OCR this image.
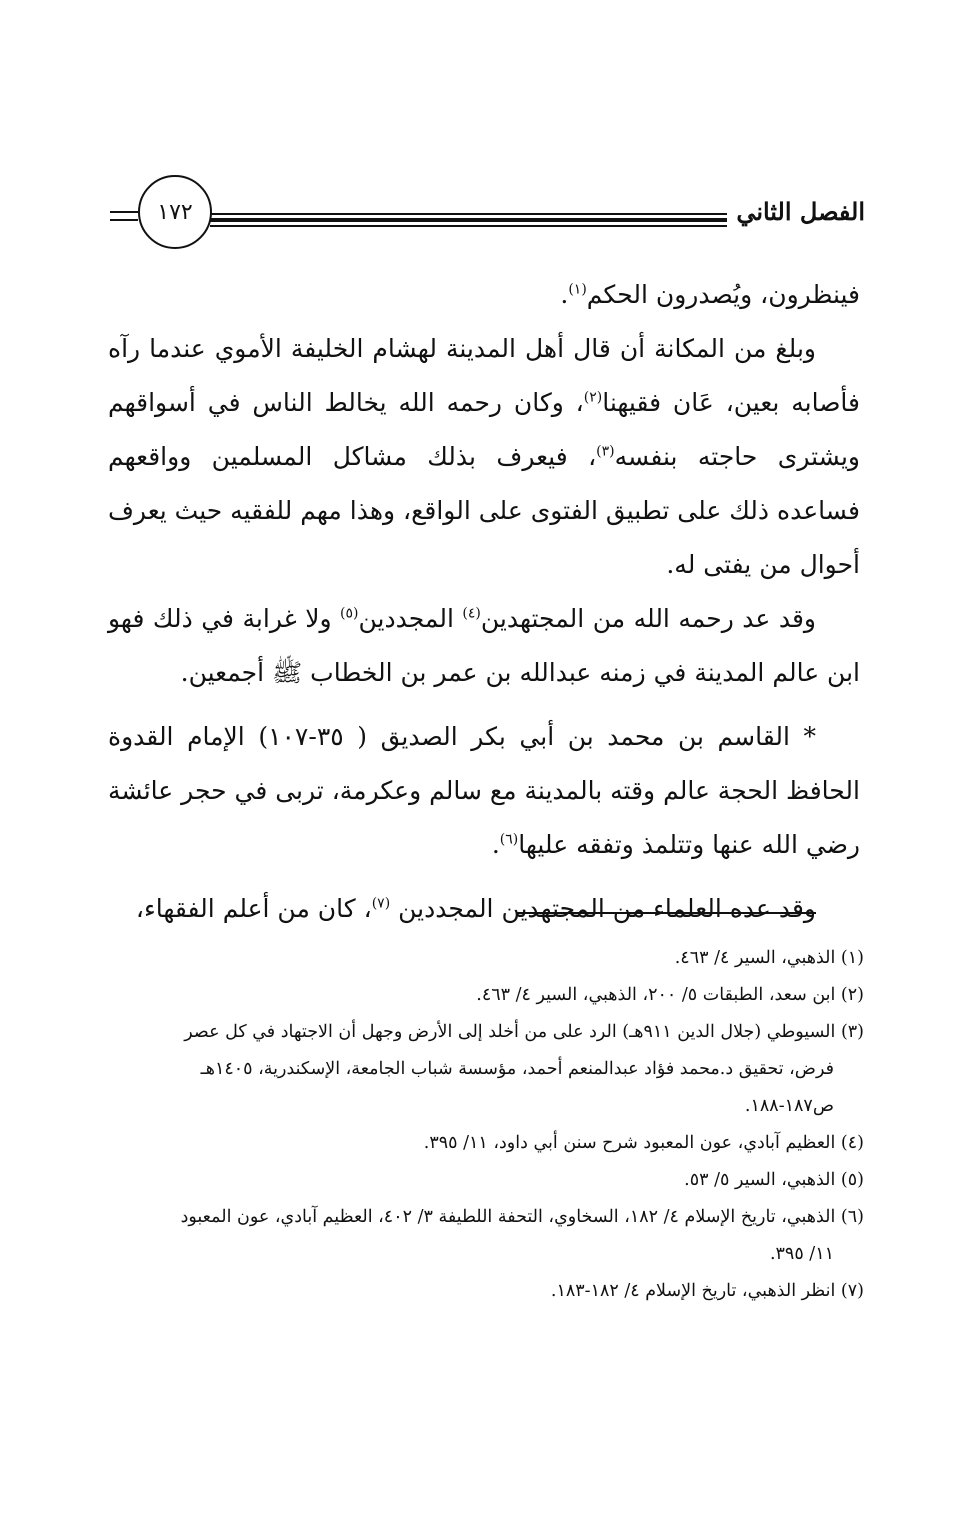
الفصل الثاني
١٧٢

فينظرون، ويُصدرون الحكم$^{(١)}$.

وبلغ من المكانة أن قال أهل المدينة لهشام الخليفة الأموي عندما رآه فأصابه بعين، عَان فقيهنا$^{(٢)}$، وكان رحمه الله يخالط الناس في أسواقهم ويشترى حاجته بنفسه$^{(٣)}$، فيعرف بذلك مشاكل المسلمين وواقعهم فساعده ذلك على تطبيق الفتوى على الواقع، وهذا مهم للفقيه حيث يعرف أحوال من يفتى له.

وقد عد رحمه الله من المجتهدين$^{(٤)}$ المجددين$^{(٥)}$ ولا غرابة في ذلك فهو ابن عالم المدينة في زمنه عبدالله بن عمر بن الخطاب ﷺ أجمعين.

* القاسم بن محمد بن أبي بكر الصديق ( ٣٥-١٠٧) الإمام القدوة الحافظ الحجة عالم وقته بالمدينة مع سالم وعكرمة، تربى في حجر عائشة رضي الله عنها وتتلمذ وتفقه عليها$^{(٦)}$.

وقد عده العلماء من المجتهدين المجددين $^{(٧)}$، كان من أعلم الفقهاء،

(١) الذهبي، السير ٤/ ٤٦٣.

(٢) ابن سعد، الطبقات ٥/ ٢٠٠، الذهبي، السير ٤/ ٤٦٣.

(٣) السيوطي (جلال الدين ٩١١هـ) الرد على من أخلد إلى الأرض وجهل أن الاجتهاد في كل عصر
فرض، تحقيق د.محمد فؤاد عبدالمنعم أحمد، مؤسسة شباب الجامعة، الإسكندرية، ١٤٠٥هـ
ص١٨٧-١٨٨.

(٤) العظيم آبادي، عون المعبود شرح سنن أبي داود، ١١/ ٣٩٥.

(٥) الذهبي، السير ٥/ ٥٣.

(٦) الذهبي، تاريخ الإسلام ٤/ ١٨٢، السخاوي، التحفة اللطيفة ٣/ ٤٠٢، العظيم آبادي، عون المعبود
١١/ ٣٩٥.

(٧) انظر الذهبي، تاريخ الإسلام ٤/ ١٨٢-١٨٣.
